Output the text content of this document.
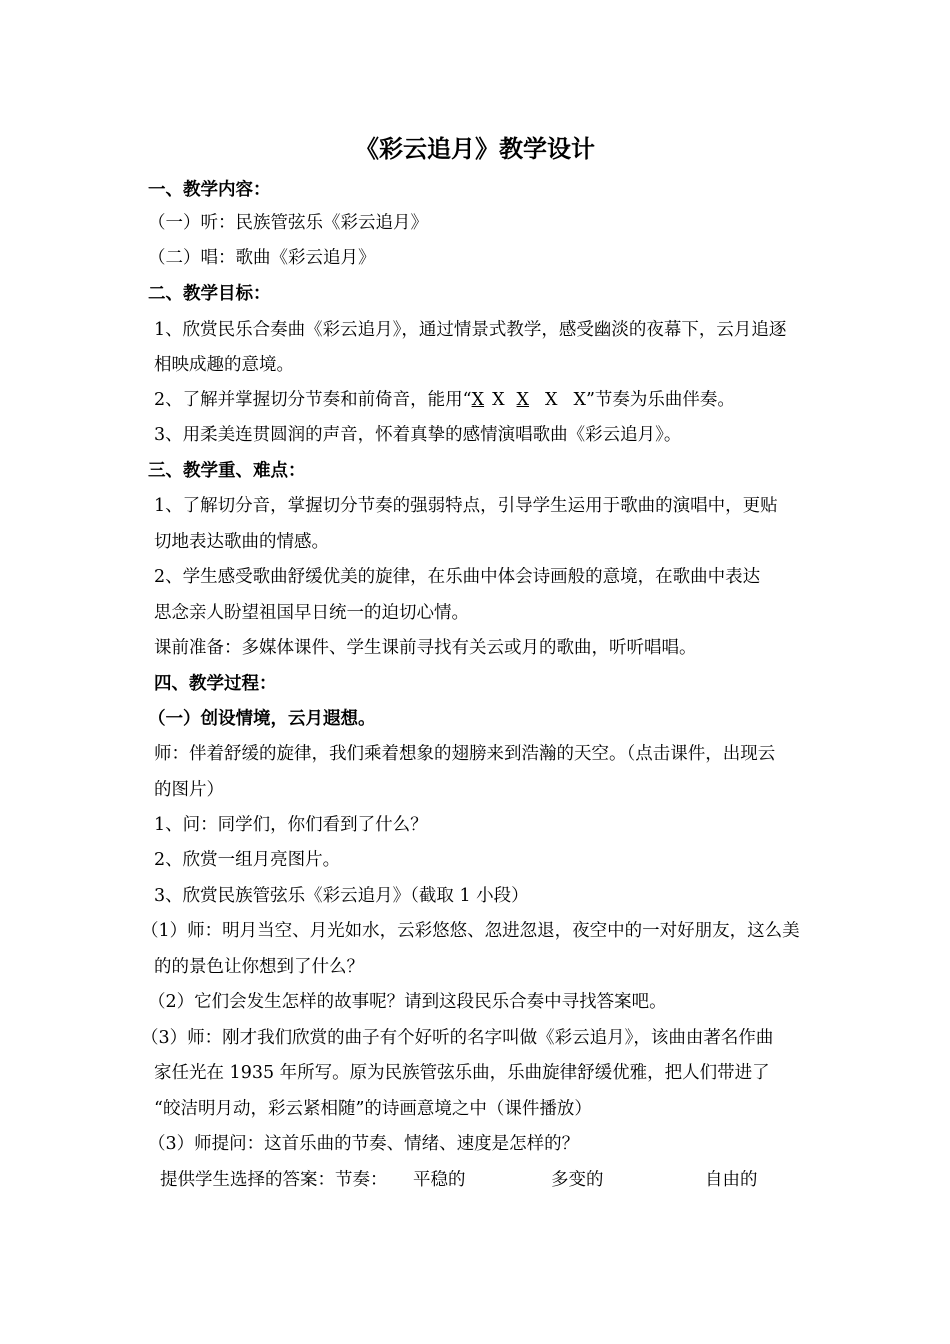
《彩云追月》教学设计
一、教学内容：
（一）听：民族管弦乐《彩云追月》
（二）唱：歌曲《彩云追月》
二、教学目标：
1、欣赏民乐合奏曲《彩云追月》，通过情景式教学，感受幽淡的夜幕下，云月追逐
相映成趣的意境。
2、了解并掌握切分节奏和前倚音，能用“X X X X X”节奏为乐曲伴奏。
3、用柔美连贯圆润的声音，怀着真挚的感情演唱歌曲《彩云追月》。
三、教学重、难点：
1、了解切分音，掌握切分节奏的强弱特点，引导学生运用于歌曲的演唱中，更贴
切地表达歌曲的情感。
2、学生感受歌曲舒缓优美的旋律，在乐曲中体会诗画般的意境，在歌曲中表达
思念亲人盼望祖国早日统一的迫切心情。
课前准备：多媒体课件、学生课前寻找有关云或月的歌曲，听听唱唱。
四、教学过程：
（一）创设情境，云月遐想。
师：伴着舒缓的旋律，我们乘着想象的翅膀来到浩瀚的天空。（点击课件，出现云
的图片）
1、问：同学们，你们看到了什么？
2、欣赏一组月亮图片。
3、欣赏民族管弦乐《彩云追月》（截取 1 小段）
（1）师：明月当空、月光如水，云彩悠悠、忽进忽退，夜空中的一对好朋友，这么美
的的景色让你想到了什么？
（2）它们会发生怎样的故事呢？请到这段民乐合奏中寻找答案吧。
（3）师：刚才我们欣赏的曲子有个好听的名字叫做《彩云追月》，该曲由著名作曲
家任光在 1935 年所写。原为民族管弦乐曲，乐曲旋律舒缓优雅，把人们带进了
“皎洁明月动，彩云紧相随”的诗画意境之中（课件播放）
（3）师提问：这首乐曲的节奏、情绪、速度是怎样的？
提供学生选择的答案：节奏： 平稳的	多变的	自由的
